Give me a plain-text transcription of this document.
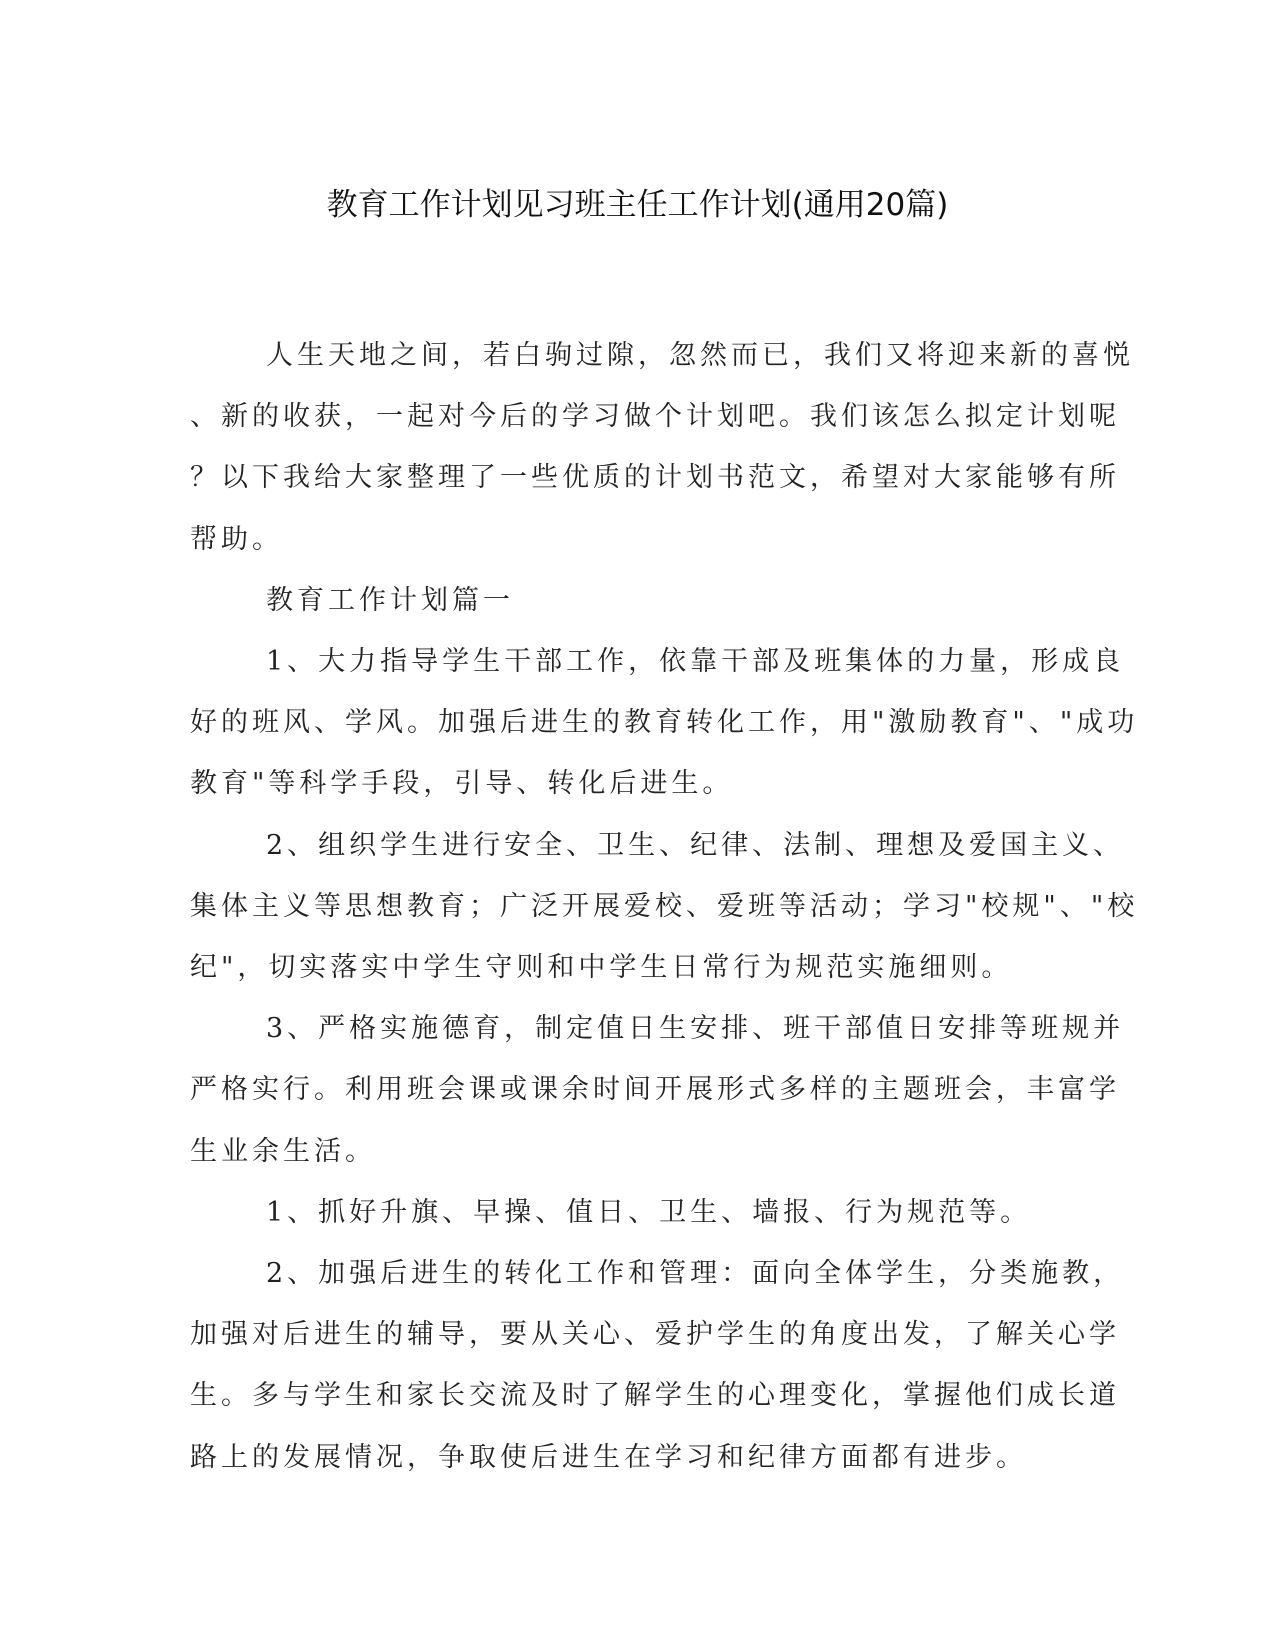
教育工作计划见习班主任工作计划(通用20篇)
人生天地之间，若白驹过隙，忽然而已，我们又将迎来新的喜悦
、新的收获，一起对今后的学习做个计划吧。我们该怎么拟定计划呢
？以下我给大家整理了一些优质的计划书范文，希望对大家能够有所
帮助。
教育工作计划篇一
1、大力指导学生干部工作，依靠干部及班集体的力量，形成良
好的班风、学风。加强后进生的教育转化工作，用"激励教育"、"成功
教育"等科学手段，引导、转化后进生。
2、组织学生进行安全、卫生、纪律、法制、理想及爱国主义、
集体主义等思想教育；广泛开展爱校、爱班等活动；学习"校规"、"校
纪"，切实落实中学生守则和中学生日常行为规范实施细则。
3、严格实施德育，制定值日生安排、班干部值日安排等班规并
严格实行。利用班会课或课余时间开展形式多样的主题班会，丰富学
生业余生活。
1、抓好升旗、早操、值日、卫生、墙报、行为规范等。
2、加强后进生的转化工作和管理：面向全体学生，分类施教，
加强对后进生的辅导，要从关心、爱护学生的角度出发，了解关心学
生。多与学生和家长交流及时了解学生的心理变化，掌握他们成长道
路上的发展情况，争取使后进生在学习和纪律方面都有进步。
